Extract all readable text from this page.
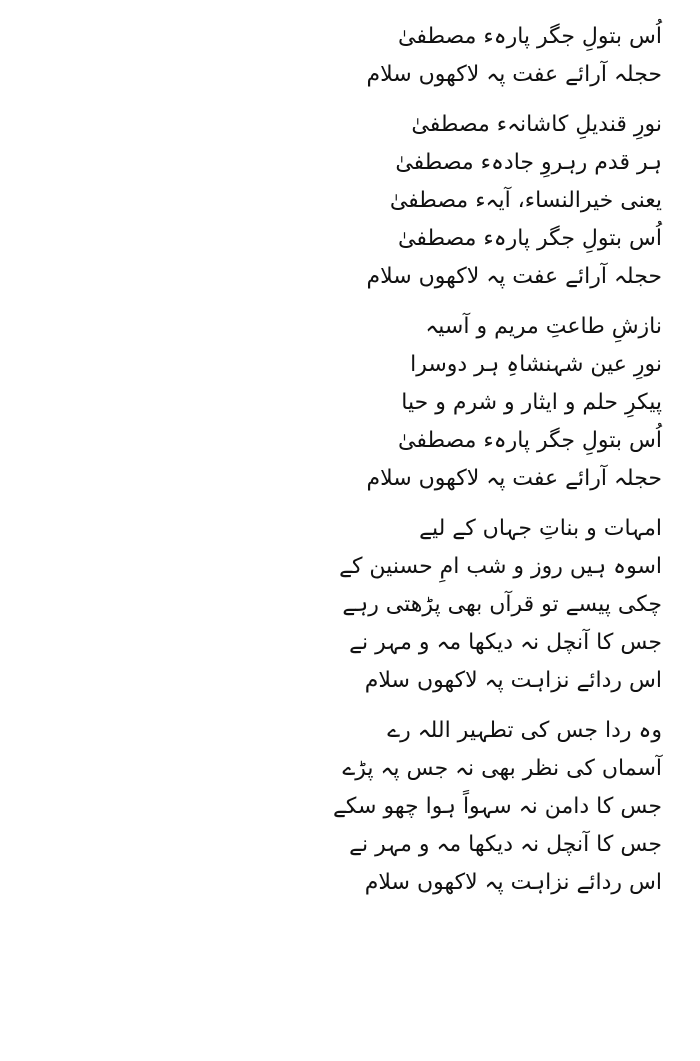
اُس بتولِ جگر پارہء مصطفیٰ

حجلہ آرائے عفت پہ لاکھوں سلام

نورِ قندیلِ کاشانہء مصطفیٰ

ہر قدم رہروِ جادہء مصطفیٰ

یعنی خیرالنساء، آیہء مصطفیٰ

اُس بتولِ جگر پارہء مصطفیٰ

حجلہ آرائے عفت پہ لاکھوں سلام

نازشِ طاعتِ مریم و آسیہ

نورِ عین شہنشاہِ ہر دوسرا

پیکرِ حلم و ایثار و شرم و حیا

اُس بتولِ جگر پارہء مصطفیٰ

حجلہ آرائے عفت پہ لاکھوں سلام

امہات و بناتِ جہاں کے لیے

اسوہ ہیں روز و شب امِ حسنین کے

چکی پیسے تو قرآں بھی پڑھتی رہے

جس کا آنچل نہ دیکھا مہ و مہر نے

اس ردائے نزاہت پہ لاکھوں سلام

وہ ردا جس کی تطہیر اللہ رے

آسماں کی نظر بھی نہ جس پہ پڑے

جس کا دامن نہ سہواً ہوا چھو سکے

جس کا آنچل نہ دیکھا مہ و مہر نے

اس ردائے نزاہت پہ لاکھوں سلام
